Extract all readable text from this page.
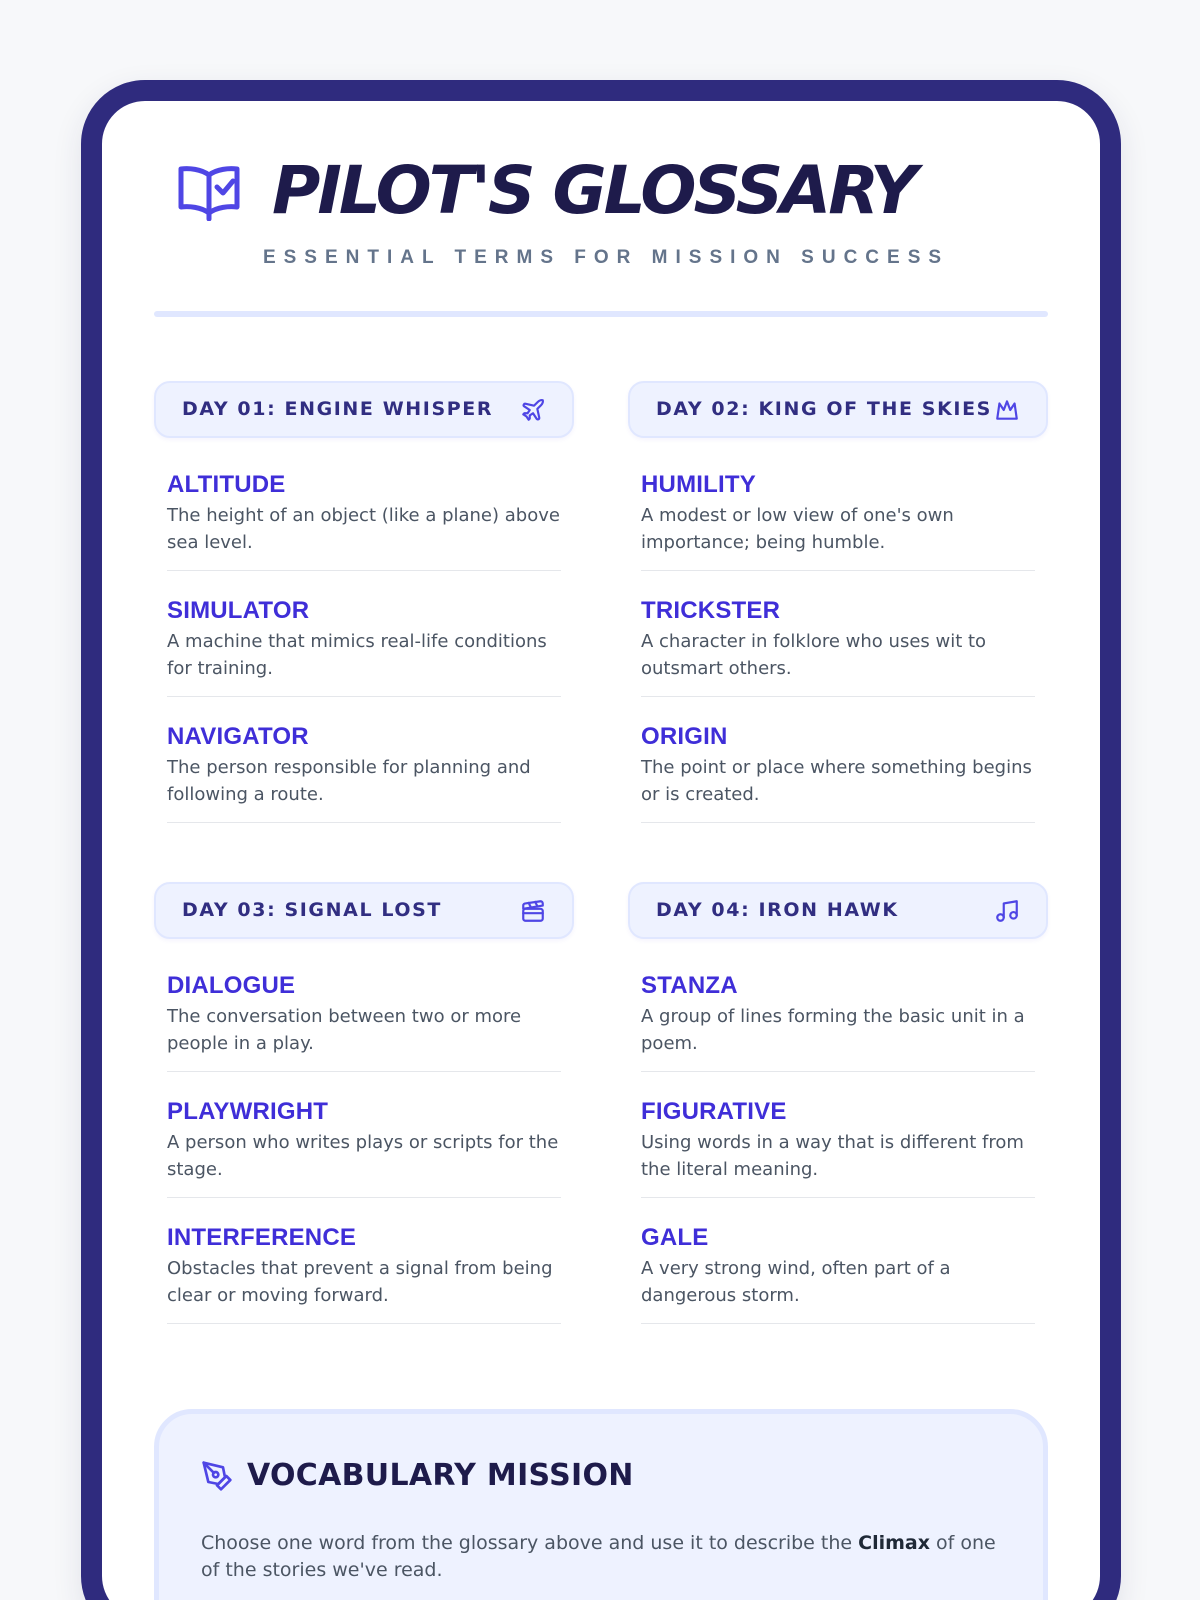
PILOT'S GLOSSARY
ESSENTIAL TERMS FOR MISSION SUCCESS
DAY 01: ENGINE WHISPER
ALTITUDE
The height of an object (like a plane) above sea level.
SIMULATOR
A machine that mimics real-life conditions for training.
NAVIGATOR
The person responsible for planning and following a route.
DAY 02: KING OF THE SKIES
HUMILITY
A modest or low view of one's own importance; being humble.
TRICKSTER
A character in folklore who uses wit to outsmart others.
ORIGIN
The point or place where something begins or is created.
DAY 03: SIGNAL LOST
DIALOGUE
The conversation between two or more people in a play.
PLAYWRIGHT
A person who writes plays or scripts for the stage.
INTERFERENCE
Obstacles that prevent a signal from being clear or moving forward.
DAY 04: IRON HAWK
STANZA
A group of lines forming the basic unit in a poem.
FIGURATIVE
Using words in a way that is different from the literal meaning.
GALE
A very strong wind, often part of a dangerous storm.
VOCABULARY MISSION
Choose one word from the glossary above and use it to describe the Climax of one of the stories we've read.
